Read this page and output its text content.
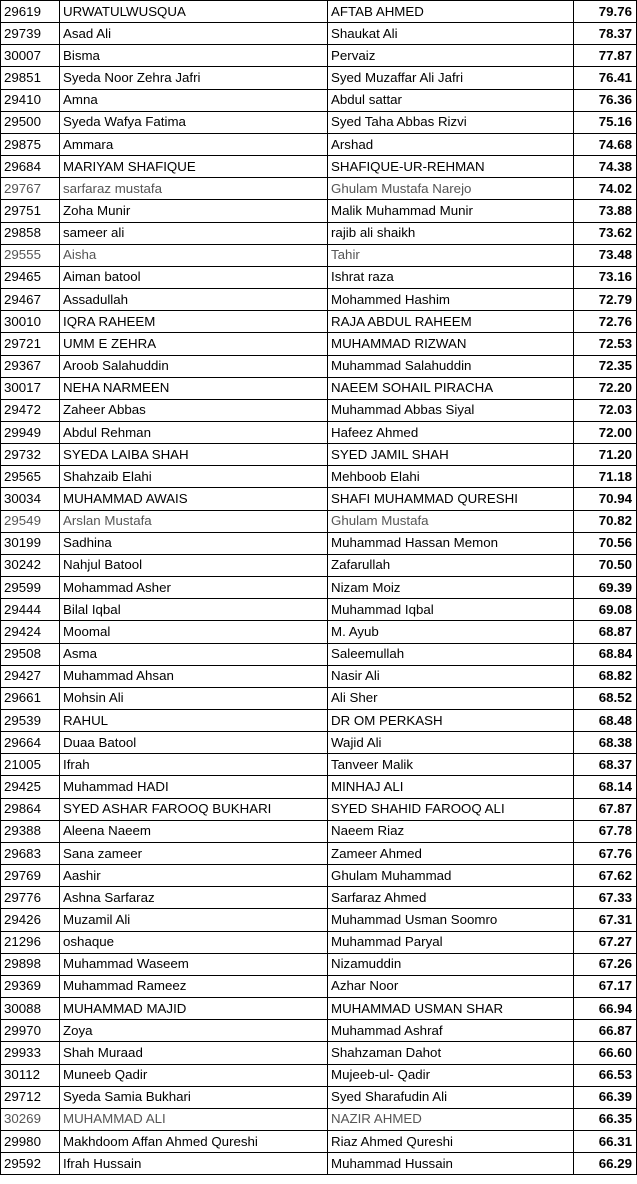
29619	URWATULWUSQUA	AFTAB AHMED	79.76
29739	Asad Ali	Shaukat Ali	78.37
30007	Bisma	Pervaiz	77.87
29851	Syeda Noor Zehra Jafri	Syed Muzaffar Ali Jafri	76.41
29410	Amna	Abdul sattar	76.36
29500	Syeda Wafya Fatima	Syed Taha Abbas Rizvi	75.16
29875	Ammara	Arshad	74.68
29684	MARIYAM SHAFIQUE	SHAFIQUE-UR-REHMAN	74.38
29767	sarfaraz mustafa	Ghulam Mustafa Narejo	74.02
29751	Zoha Munir	Malik Muhammad Munir	73.88
29858	sameer ali	rajib ali shaikh	73.62
29555	Aisha	Tahir	73.48
29465	Aiman batool	Ishrat raza	73.16
29467	Assadullah	Mohammed Hashim	72.79
30010	IQRA RAHEEM	RAJA ABDUL RAHEEM	72.76
29721	UMM E ZEHRA	MUHAMMAD RIZWAN	72.53
29367	Aroob Salahuddin	Muhammad Salahuddin	72.35
30017	NEHA NARMEEN	NAEEM SOHAIL PIRACHA	72.20
29472	Zaheer Abbas	Muhammad Abbas Siyal	72.03
29949	Abdul Rehman	Hafeez Ahmed	72.00
29732	SYEDA LAIBA SHAH	SYED JAMIL SHAH	71.20
29565	Shahzaib Elahi	Mehboob Elahi	71.18
30034	MUHAMMAD AWAIS	SHAFI MUHAMMAD QURESHI	70.94
29549	Arslan Mustafa	Ghulam Mustafa	70.82
30199	Sadhina	Muhammad Hassan Memon	70.56
30242	Nahjul Batool	Zafarullah	70.50
29599	Mohammad Asher	Nizam Moiz	69.39
29444	Bilal Iqbal	Muhammad Iqbal	69.08
29424	Moomal	M. Ayub	68.87
29508	Asma	Saleemullah	68.84
29427	Muhammad Ahsan	Nasir Ali	68.82
29661	Mohsin Ali	Ali Sher	68.52
29539	RAHUL	DR OM PERKASH	68.48
29664	Duaa Batool	Wajid Ali	68.38
21005	Ifrah	Tanveer Malik	68.37
29425	Muhammad HADI	MINHAJ ALI	68.14
29864	SYED ASHAR FAROOQ BUKHARI	SYED SHAHID FAROOQ ALI	67.87
29388	Aleena Naeem	Naeem Riaz	67.78
29683	Sana zameer	Zameer Ahmed	67.76
29769	Aashir	Ghulam Muhammad	67.62
29776	Ashna Sarfaraz	Sarfaraz Ahmed	67.33
29426	Muzamil Ali	Muhammad Usman Soomro	67.31
21296	oshaque	Muhammad Paryal	67.27
29898	Muhammad Waseem	Nizamuddin	67.26
29369	Muhammad Rameez	Azhar Noor	67.17
30088	MUHAMMAD MAJID	MUHAMMAD USMAN SHAR	66.94
29970	Zoya	Muhammad Ashraf	66.87
29933	Shah Muraad	Shahzaman Dahot	66.60
30112	Muneeb Qadir	Mujeeb-ul- Qadir	66.53
29712	Syeda Samia Bukhari	Syed Sharafudin Ali	66.39
30269	MUHAMMAD ALI	NAZIR AHMED	66.35
29980	Makhdoom Affan Ahmed Qureshi	Riaz Ahmed Qureshi	66.31
29592	Ifrah Hussain	Muhammad Hussain	66.29
